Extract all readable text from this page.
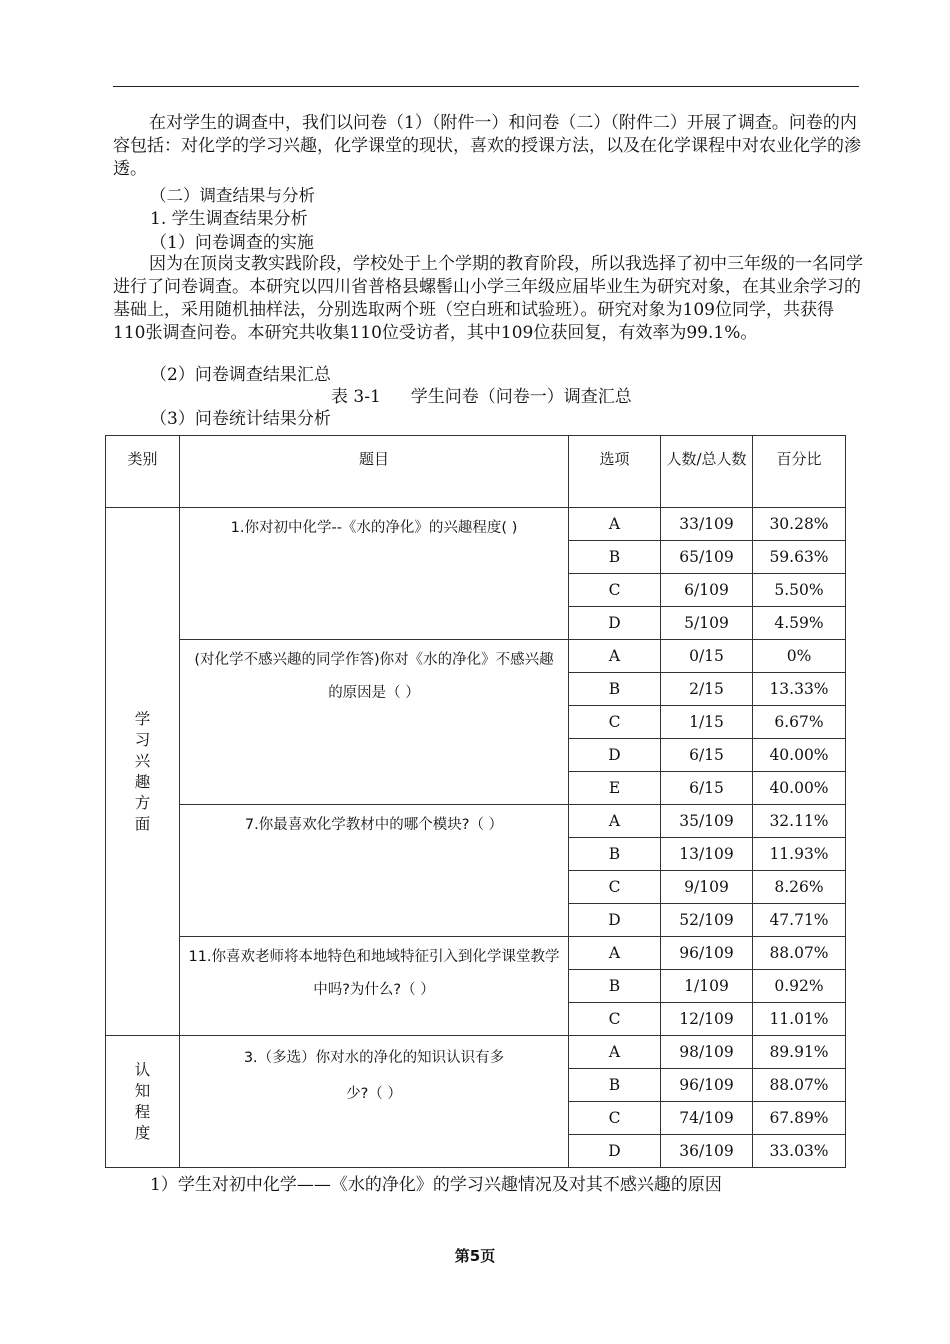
在对学生的调查中，我们以问卷（1）（附件一）和问卷（二）（附件二）开展了调查。问卷的内容包括：对化学的学习兴趣，化学课堂的现状，喜欢的授课方法，以及在化学课程中对农业化学的渗透。

（二）调查结果与分析

1. 学生调查结果分析

（1）问卷调查的实施

因为在顶岗支教实践阶段，学校处于上个学期的教育阶段，所以我选择了初中三年级的一名同学进行了问卷调查。本研究以四川省普格县螺髻山小学三年级应届毕业生为研究对象，在其业余学习的基础上，采用随机抽样法，分别选取两个班（空白班和试验班）。研究对象为109位同学，共获得110张调查问卷。本研究共收集110位受访者，其中109位获回复，有效率为99.1%。

（2）问卷调查结果汇总

表 3-1 学生问卷（问卷一）调查汇总

（3）问卷统计结果分析

类别	题目	选项	人数/总人数	百分比
学习兴趣方面	1.你对初中化学--《水的净化》的兴趣程度( )	A	33/109	30.28%
		B	65/109	59.63%
		C	6/109	5.50%
		D	5/109	4.59%
	(对化学不感兴趣的同学作答)你对《水的净化》不感兴趣的原因是（ ）	A	0/15	0%
		B	2/15	13.33%
		C	1/15	6.67%
		D	6/15	40.00%
		E	6/15	40.00%
	7.你最喜欢化学教材中的哪个模块?（ ）	A	35/109	32.11%
		B	13/109	11.93%
		C	9/109	8.26%
		D	52/109	47.71%
	11.你喜欢老师将本地特色和地域特征引入到化学课堂教学中吗?为什么?（ ）	A	96/109	88.07%
		B	1/109	0.92%
		C	12/109	11.01%
认知程度	3.（多选）你对水的净化的知识认识有多少?（ ）	A	98/109	89.91%
		B	96/109	88.07%
		C	74/109	67.89%
		D	36/109	33.03%

1）学生对初中化学——《水的净化》的学习兴趣情况及对其不感兴趣的原因

第5页
